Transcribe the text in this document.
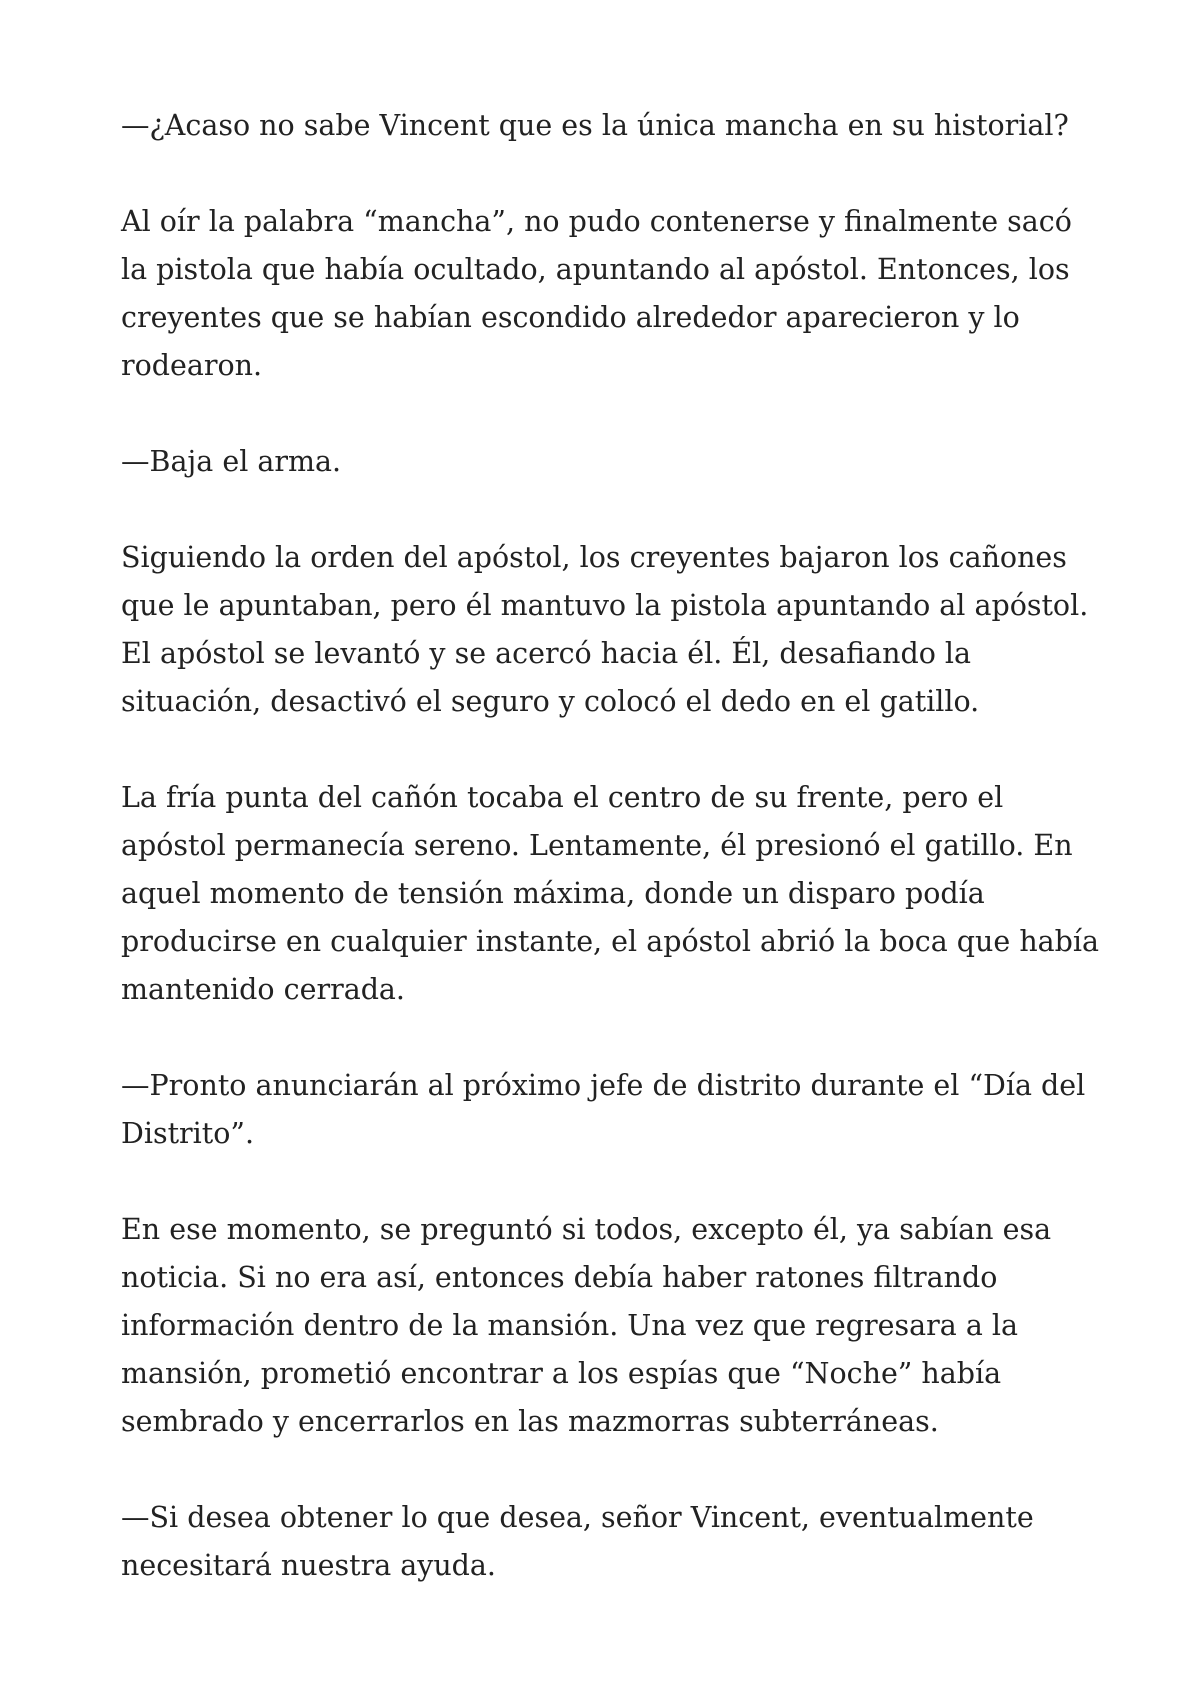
—¿Acaso no sabe Vincent que es la única mancha en su historial?

Al oír la palabra “mancha”, no pudo contenerse y finalmente sacó la pistola que había ocultado, apuntando al apóstol. Entonces, los creyentes que se habían escondido alrededor aparecieron y lo rodearon.

—Baja el arma.

Siguiendo la orden del apóstol, los creyentes bajaron los cañones que le apuntaban, pero él mantuvo la pistola apuntando al apóstol. El apóstol se levantó y se acercó hacia él. Él, desafiando la situación, desactivó el seguro y colocó el dedo en el gatillo.

La fría punta del cañón tocaba el centro de su frente, pero el apóstol permanecía sereno. Lentamente, él presionó el gatillo. En aquel momento de tensión máxima, donde un disparo podía producirse en cualquier instante, el apóstol abrió la boca que había mantenido cerrada.

—Pronto anunciarán al próximo jefe de distrito durante el “Día del Distrito”.

En ese momento, se preguntó si todos, excepto él, ya sabían esa noticia. Si no era así, entonces debía haber ratones filtrando información dentro de la mansión. Una vez que regresara a la mansión, prometió encontrar a los espías que “Noche” había sembrado y encerrarlos en las mazmorras subterráneas.

—Si desea obtener lo que desea, señor Vincent, eventualmente necesitará nuestra ayuda.
